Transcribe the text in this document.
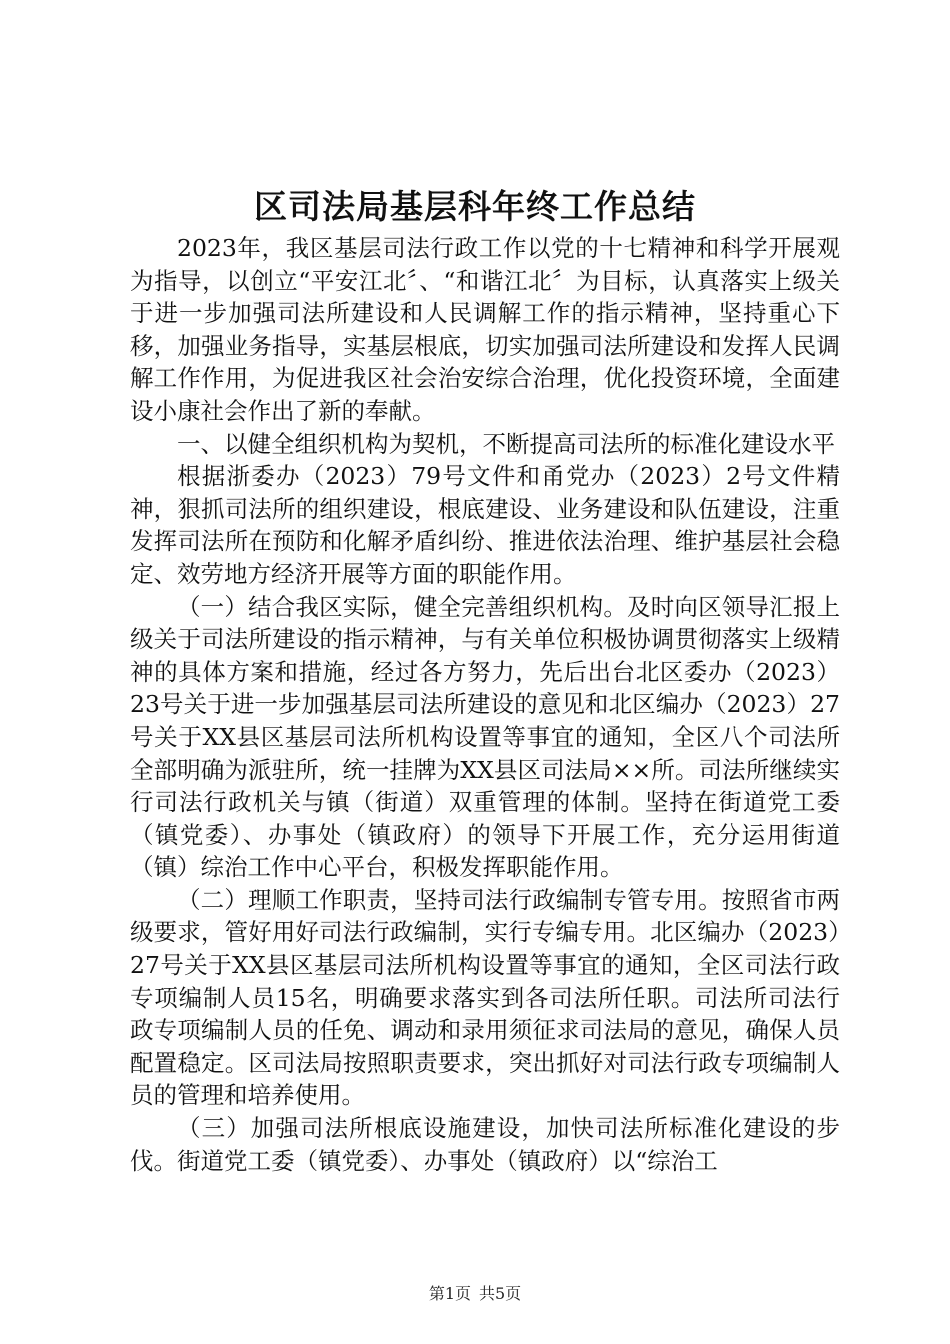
区司法局基层科年终工作总结

2023年，我区基层司法行政工作以党的十七精神和科学开展观为指导，以创立“平安江北〞、“和谐江北〞为目标，认真落实上级关于进一步加强司法所建设和人民调解工作的指示精神，坚持重心下移，加强业务指导，实基层根底，切实加强司法所建设和发挥人民调解工作作用，为促进我区社会治安综合治理，优化投资环境，全面建设小康社会作出了新的奉献。

一、以健全组织机构为契机，不断提高司法所的标准化建设水平

根据浙委办（2023）79号文件和甬党办（2023）2号文件精神，狠抓司法所的组织建设，根底建设、业务建设和队伍建设，注重发挥司法所在预防和化解矛盾纠纷、推进依法治理、维护基层社会稳定、效劳地方经济开展等方面的职能作用。

（一）结合我区实际，健全完善组织机构。及时向区领导汇报上级关于司法所建设的指示精神，与有关单位积极协调贯彻落实上级精神的具体方案和措施，经过各方努力，先后出台北区委办（2023）23号关于进一步加强基层司法所建设的意见和北区编办（2023）27号关于XX县区基层司法所机构设置等事宜的通知，全区八个司法所全部明确为派驻所，统一挂牌为XX县区司法局××所。司法所继续实行司法行政机关与镇（街道）双重管理的体制。坚持在街道党工委（镇党委）、办事处（镇政府）的领导下开展工作，充分运用街道（镇）综治工作中心平台，积极发挥职能作用。

（二）理顺工作职责，坚持司法行政编制专管专用。按照省市两级要求，管好用好司法行政编制，实行专编专用。北区编办（2023）27号关于XX县区基层司法所机构设置等事宜的通知，全区司法行政专项编制人员15名，明确要求落实到各司法所任职。司法所司法行政专项编制人员的任免、调动和录用须征求司法局的意见，确保人员配置稳定。区司法局按照职责要求，突出抓好对司法行政专项编制人员的管理和培养使用。

（三）加强司法所根底设施建设，加快司法所标准化建设的步伐。街道党工委（镇党委）、办事处（镇政府）以“综治工

第1页 共5页
